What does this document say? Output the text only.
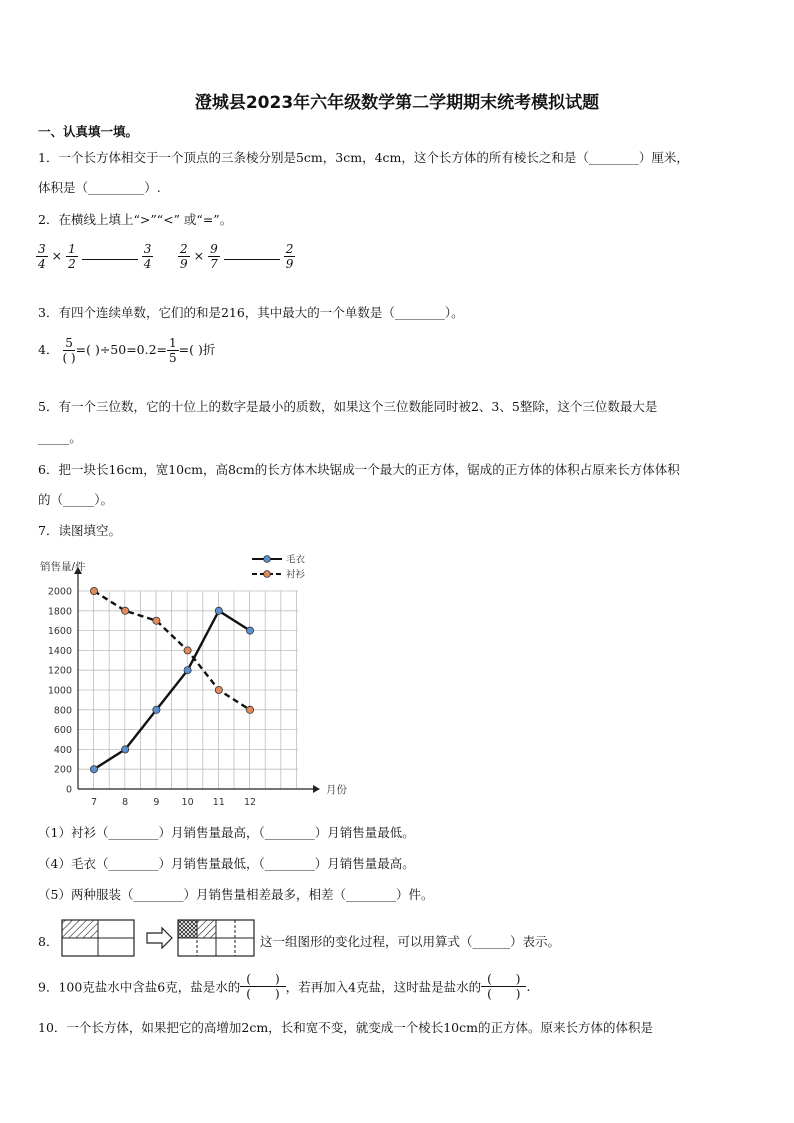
澄城县2023年六年级数学第二学期期末统考模拟试题
一、认真填一填。
1．一个长方体相交于一个顶点的三条棱分别是5cm，3cm，4cm，这个长方体的所有棱长之和是（________）厘米，
体积是（_________）.
2．在横线上填上“>”“<” 或“=”。
$\frac{3}{4} \times \frac{1}{2}$
	$\frac{3}{4} \frac{2}{9} \times \frac{9}{7}$
	$\frac{2}{9}$
3．有四个连续单数，它们的和是216，其中最大的一个单数是（________）。
4． $\frac{5}{( )}$ =( )$\div 50=0.2= \frac{1}{5}$ =( )折
5．有一个三位数，它的十位上的数字是最小的质数，如果这个三位数能同时被2、3、5整除，这个三位数最大是
_____。
6．把一块长16cm，宽10cm，高8cm的长方体木块锯成一个最大的正方体，锯成的正方体的体积占原来长方体体积
的（_____）。
7．读图填空。
0
200
400
600
800
1000
1200
1400
1600
1800
2000
7	8	9 10 11 12
销售量/件
月份
毛衣
衬衫
（1）衬衫（________）月销售量最高，（________）月销售量最低。
（4）毛衣（________）月销售量最低，（________）月销售量最高。
（5）两种服装（________）月销售量相差最多，相差（________）件。
8．	这一组图形的变化过程，可以用算式（______）表示。
9．100克盐水中含盐6克，盐是水的
(　　)
(　　) ，若再加入4克盐，这时盐是盐水的
(　　)
(　　) .
10．一个长方体，如果把它的高增加2cm，长和宽不变，就变成一个棱长10cm的正方体。原来长方体的体积是
